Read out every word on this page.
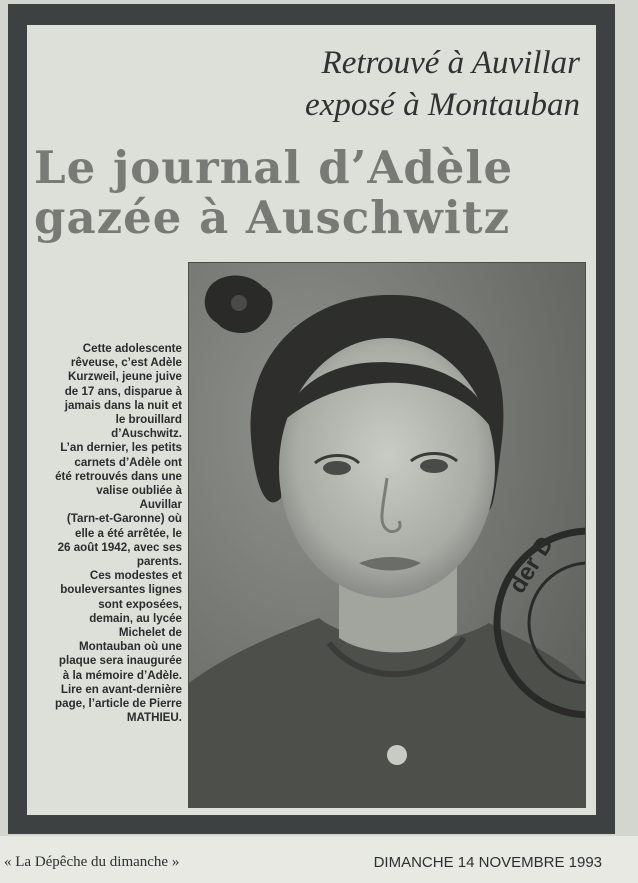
Retrouvé à Auvillar
exposé à Montauban
Le journal d’Adèle
gazée à Auschwitz
Cette adolescente
rêveuse, c’est Adèle
Kurzweil, jeune juive
de 17 ans, disparue à
jamais dans la nuit et
le brouillard
d’Auschwitz.
L’an dernier, les petits
carnets d’Adèle ont
été retrouvés dans une
valise oubliée à
Auvillar
(Tarn-et-Garonne) où
elle a été arrêtée, le
26 août 1942, avec ses
parents.
Ces modestes et
bouleversantes lignes
sont exposées,
demain, au lycée
Michelet de
Montauban où une
plaque sera inaugurée
à la mémoire d’Adèle.
Lire en avant-dernière
page, l’article de Pierre
MATHIEU.
der D
« La Dépêche du dimanche »	DIMANCHE 14 NOVEMBRE 1993
